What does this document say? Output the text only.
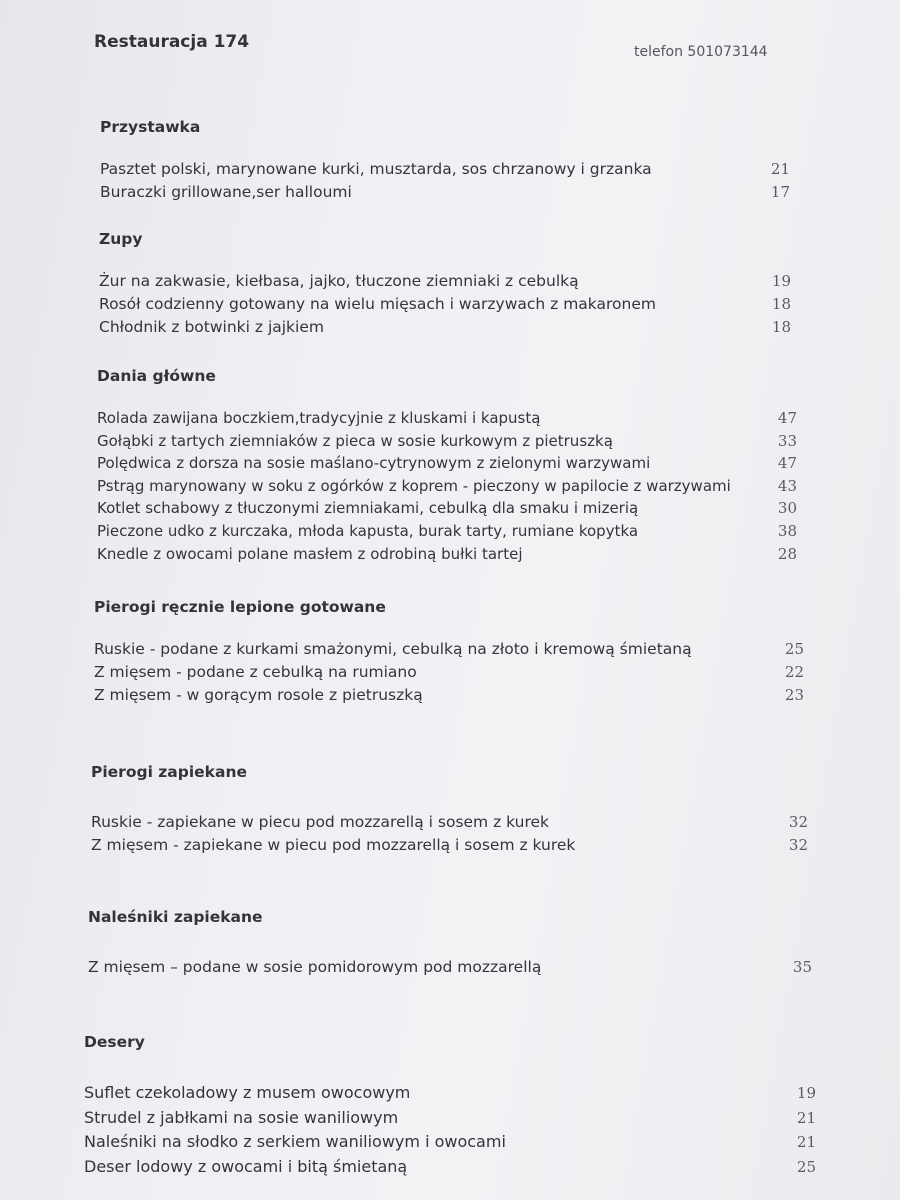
Restauracja 174	telefon 501073144
Przystawka
Pasztet polski, marynowane kurki, musztarda, sos chrzanowy i grzanka	21
Buraczki grillowane,ser halloumi	17
Zupy
Żur na zakwasie, kiełbasa, jajko, tłuczone ziemniaki z cebulką	19
Rosół codzienny gotowany na wielu mięsach i warzywach z makaronem	18
Chłodnik z botwinki z jajkiem	18
Dania główne
Rolada zawijana boczkiem,tradycyjnie z kluskami i kapustą	47
Gołąbki z tartych ziemniaków z pieca w sosie kurkowym z pietruszką	33
Polędwica z dorsza na sosie maślano-cytrynowym z zielonymi warzywami	47
Pstrąg marynowany w soku z ogórków z koprem - pieczony w papilocie z warzywami	43
Kotlet schabowy z tłuczonymi ziemniakami, cebulką dla smaku i mizerią	30
Pieczone udko z kurczaka, młoda kapusta, burak tarty, rumiane kopytka	38
Knedle z owocami polane masłem z odrobiną bułki tartej	28
Pierogi ręcznie lepione gotowane
Ruskie - podane z kurkami smażonymi, cebulką na złoto i kremową śmietaną	25
Z mięsem - podane z cebulką na rumiano	22
Z mięsem - w gorącym rosole z pietruszką	23
Pierogi zapiekane
Ruskie - zapiekane w piecu pod mozzarellą i sosem z kurek	32
Z mięsem - zapiekane w piecu pod mozzarellą i sosem z kurek	32
Naleśniki zapiekane
Z mięsem – podane w sosie pomidorowym pod mozzarellą	35
Desery
Suflet czekoladowy z musem owocowym	19
Strudel z jabłkami na sosie waniliowym	21
Naleśniki na słodko z serkiem waniliowym i owocami	21
Deser lodowy z owocami i bitą śmietaną	25
